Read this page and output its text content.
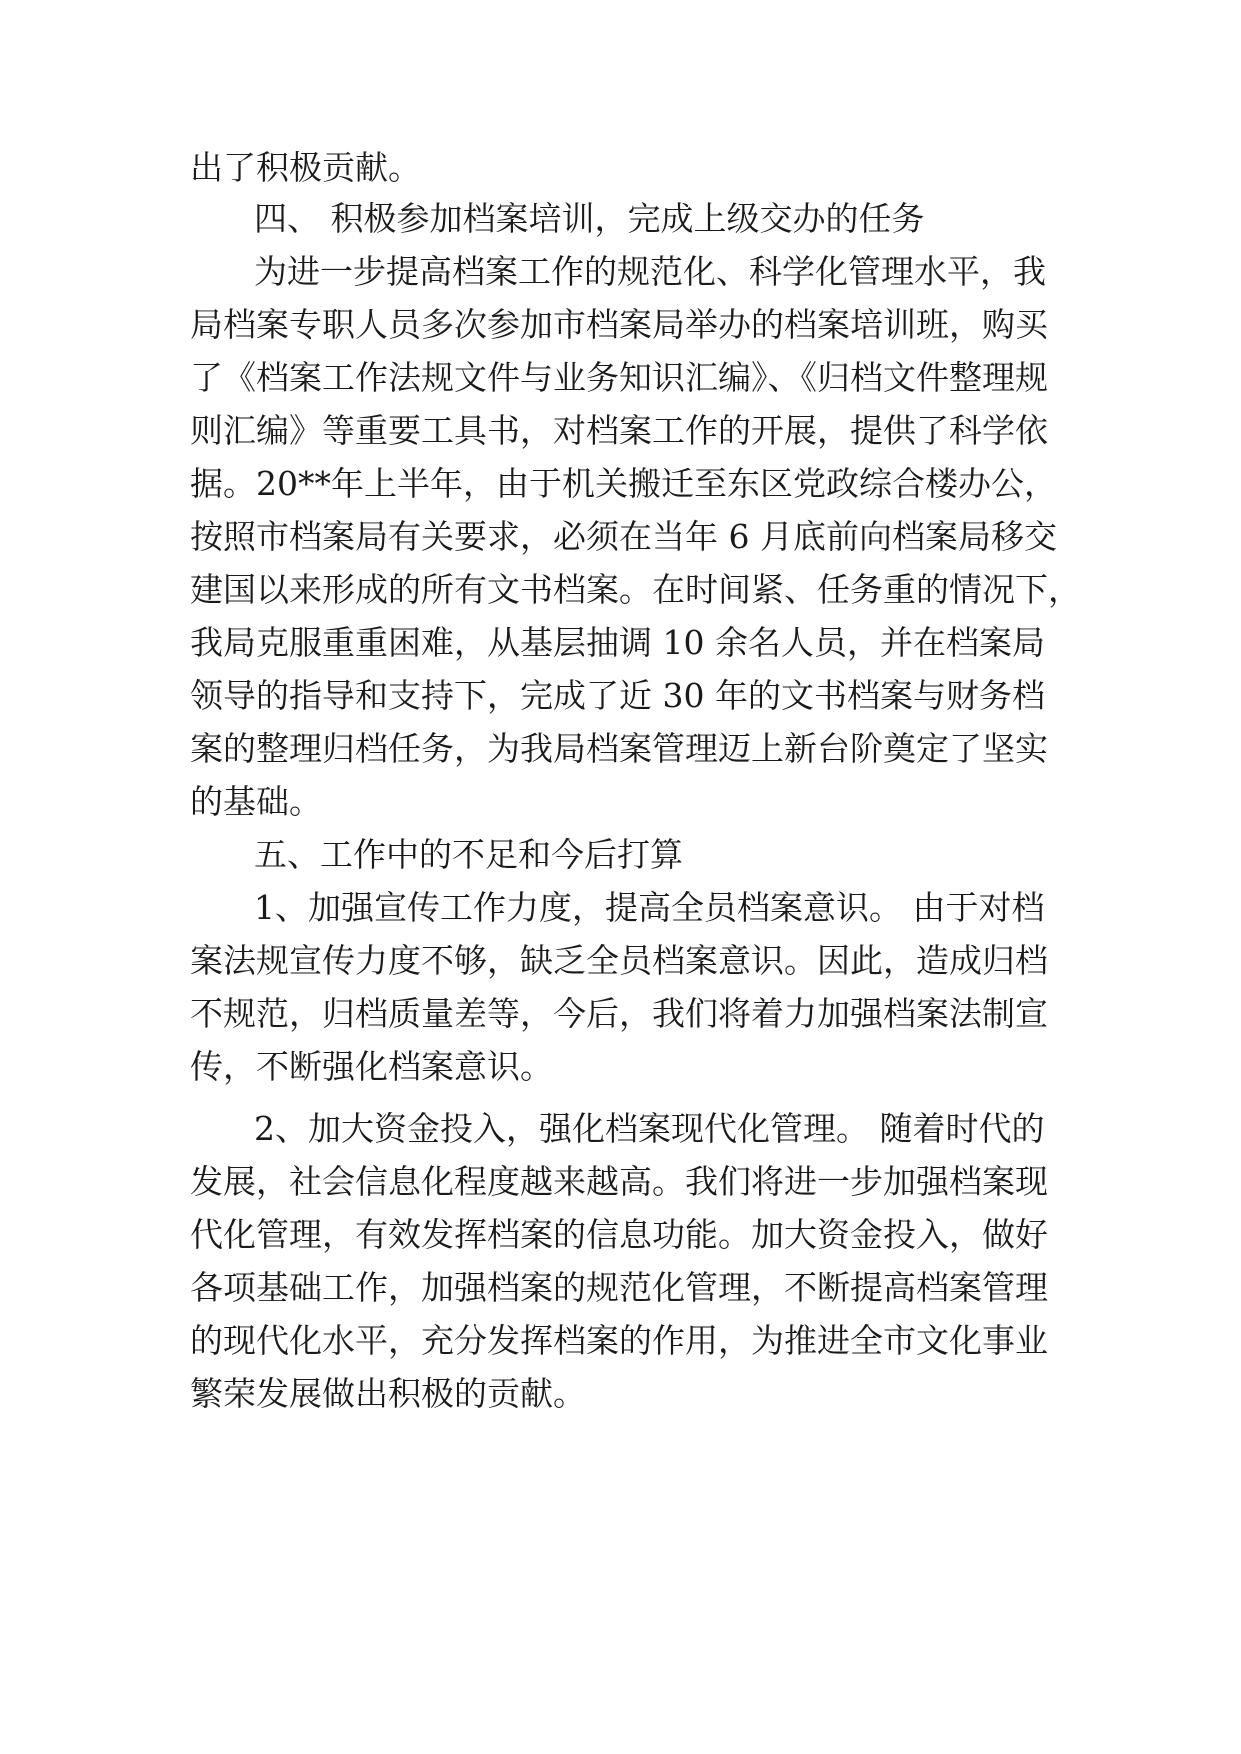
出了积极贡献。
四、 积极参加档案培训，完成上级交办的任务
为进一步提高档案工作的规范化、科学化管理水平，我
局档案专职人员多次参加市档案局举办的档案培训班，购买
了《档案工作法规文件与业务知识汇编》、《归档文件整理规
则汇编》等重要工具书，对档案工作的开展，提供了科学依
据。20**年上半年，由于机关搬迁至东区党政综合楼办公，
按照市档案局有关要求，必须在当年 6 月底前向档案局移交
建国以来形成的所有文书档案。在时间紧、任务重的情况下，
我局克服重重困难，从基层抽调 10 余名人员，并在档案局
领导的指导和支持下，完成了近 30 年的文书档案与财务档
案的整理归档任务，为我局档案管理迈上新台阶奠定了坚实
的基础。
五、工作中的不足和今后打算
1、加强宣传工作力度，提高全员档案意识。 由于对档
案法规宣传力度不够，缺乏全员档案意识。因此，造成归档
不规范，归档质量差等，今后，我们将着力加强档案法制宣
传，不断强化档案意识。
2、加大资金投入，强化档案现代化管理。 随着时代的
发展，社会信息化程度越来越高。我们将进一步加强档案现
代化管理，有效发挥档案的信息功能。加大资金投入，做好
各项基础工作，加强档案的规范化管理，不断提高档案管理
的现代化水平，充分发挥档案的作用，为推进全市文化事业
繁荣发展做出积极的贡献。
